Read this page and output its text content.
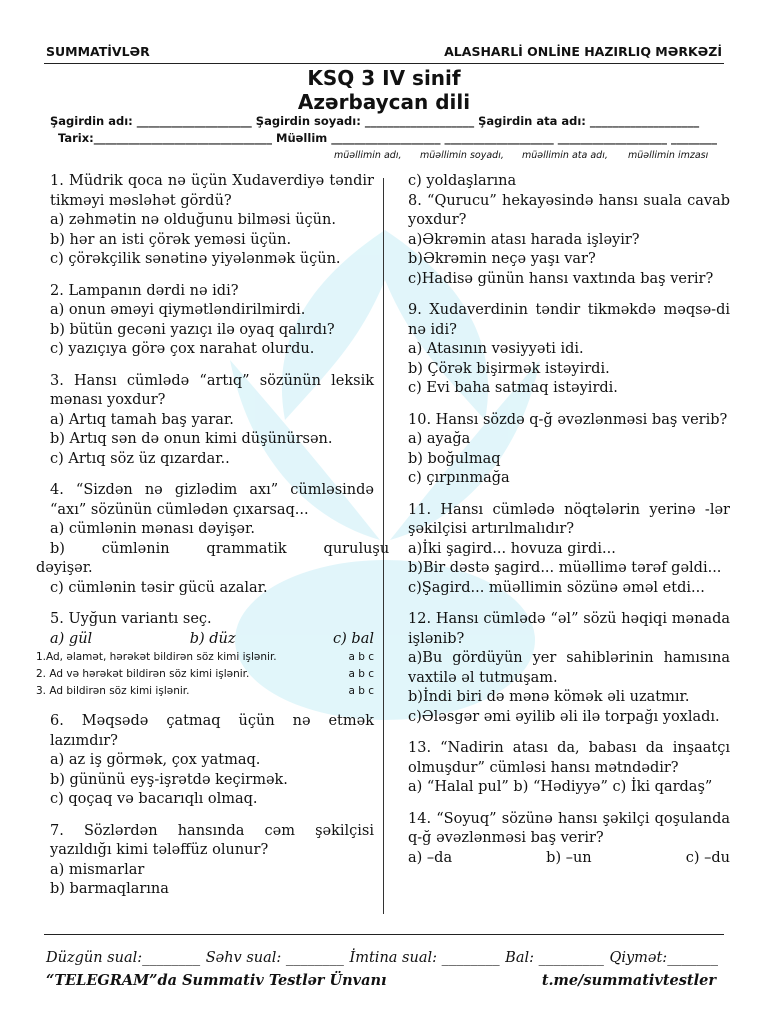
SUMMATİVLƏR	ALASHARLİ ONLİNE HAZIRLIQ MƏRKƏZİ
KSQ 3 IV sinif
Azərbaycan dili
Şagirdin adı: ____________________ Şagirdin soyadı: ___________________ Şagirdin ata adı: ___________________
Tarix:_______________________________ Müəllim ___________________ ___________________ ___________________ ________
müəllimin adı, müəllimin soyadı, müəllimin ata adı, müəllimin imzası

1. Müdrik qoca nə üçün Xudaverdiyə təndir tikməyi məsləhət gördü?

a) zəhmətin nə olduğunu bilməsi üçün.

b) hər an isti çörək yeməsi üçün.

c) çörəkçilik sənətinə yiyələnmək üçün.

2. Lampanın dərdi nə idi?

a) onun əməyi qiymətləndirilmirdi.

b) bütün gecəni yazıçı ilə oyaq qalırdı?

c) yazıçıya görə çox narahat olurdu.

3. Hansı cümlədə “artıq” sözünün leksik mənası yoxdur?

a) Artıq tamah baş yarar.

b) Artıq sən də onun kimi düşünürsən.

c) Artıq söz üz qızardar..

4. “Sizdən nə gizlədim axı” cümləsində “axı” sözünün cümlədən çıxarsaq...

a) cümlənin mənası dəyişər.

b)        cümlənin        qrammatik        quruluşu

dəyişər.

c) cümlənin təsir gücü azalar.

5. Uyğun variantı seç.

a) gül	b) düz	c) bal
1.Ad, əlamət, hərəkət bildirən söz kimi işlənir.	a b c
2. Ad və hərəkət bildirən söz kimi işlənir.	a b c
3. Ad bildirən söz kimi işlənir.	a b c

6. Məqsədə çatmaq üçün nə etmək lazımdır?

a) az iş görmək, çox yatmaq.

b) gününü eyş-işrətdə keçirmək.

c) qoçaq və bacarıqlı olmaq.

7. Sözlərdən hansında cəm şəkilçisi yazıldığı kimi tələffüz olunur?

a) mismarlar

b) barmaqlarına

c) yoldaşlarına

8. “Qurucu” hekayəsində hansı suala cavab yoxdur?

a)Əkrəmin atası harada işləyir?

b)Əkrəmin neçə yaşı var?

c)Hadisə günün hansı vaxtında baş verir?

9. Xudaverdinin təndir tikməkdə məqsə-di nə idi?

a) Atasının vəsiyyəti idi.

b) Çörək bişirmək istəyirdi.

c) Evi baha satmaq istəyirdi.

10. Hansı sözdə q-ğ əvəzlənməsi baş verib?

a) ayağa

b) boğulmaq

c) çırpınmağa

11. Hansı cümlədə nöqtələrin yerinə -lər şəkilçisi artırılmalıdır?

a)İki şagird... hovuza girdi...

b)Bir dəstə şagird... müəllimə tərəf gəldi...

c)Şagird... müəllimin sözünə əməl etdi...

12. Hansı cümlədə “əl” sözü həqiqi mənada işlənib?

a)Bu gördüyün yer sahiblərinin hamısına vaxtilə əl tutmuşam.

b)İndi biri də mənə kömək əli uzatmır.

c)Ələsgər əmi əyilib əli ilə torpağı yoxladı.

13. “Nadirin atası da, babası da inşaatçı olmuşdur” cümləsi hansı mətndədir?

a) “Halal pul” b) “Hədiyyə” c) İki qardaş”

14. “Soyuq” sözünə hansı şəkilçi qoşulanda q-ğ əvəzlənməsi baş verir?

a) –da	b) –un	c) –du
Düzgün sual:________ Səhv sual: ________ İmtina sual: ________ Bal: _________ Qiymət:_______
“TELEGRAM”da Summativ Testlər Ünvanı	t.me/summativtestler
